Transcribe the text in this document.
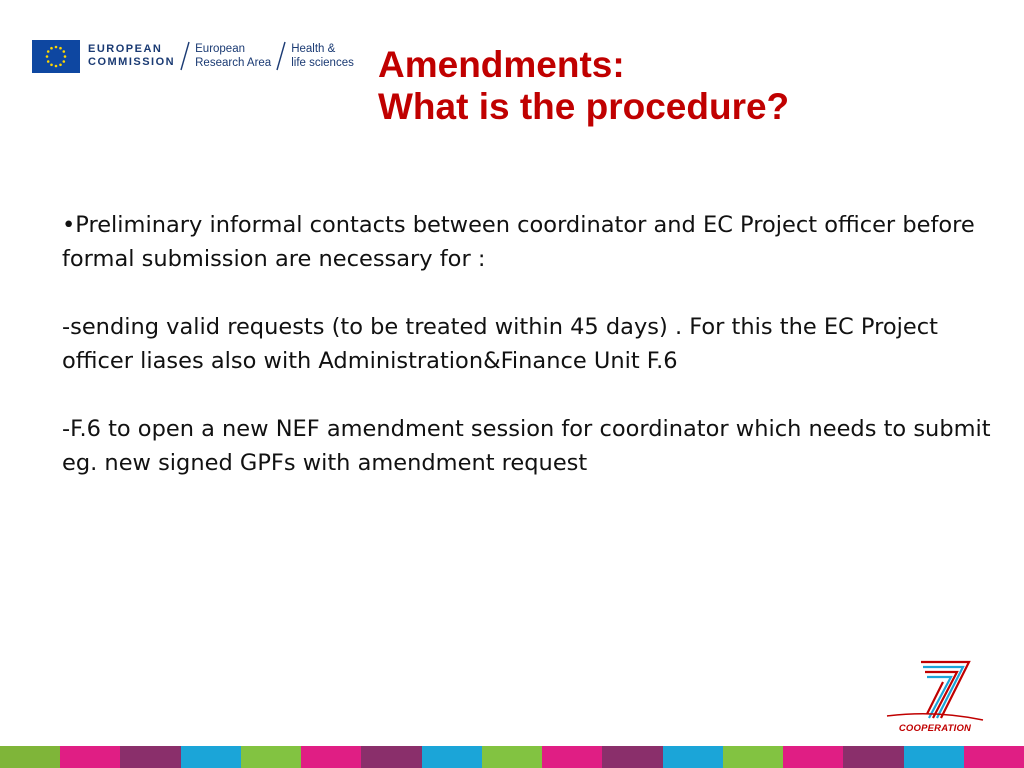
EUROPEAN
COMMISSION
European
Research Area
Health &
life sciences Amendments:
What is the procedure?

•Preliminary informal contacts between coordinator and EC Project officer before formal submission are necessary for :

-sending valid requests (to be treated within 45 days) . For this the EC Project officer liases also with Administration&Finance Unit F.6

-F.6 to open a new NEF amendment session for coordinator which needs to submit eg. new signed GPFs with amendment request

COOPERATION
